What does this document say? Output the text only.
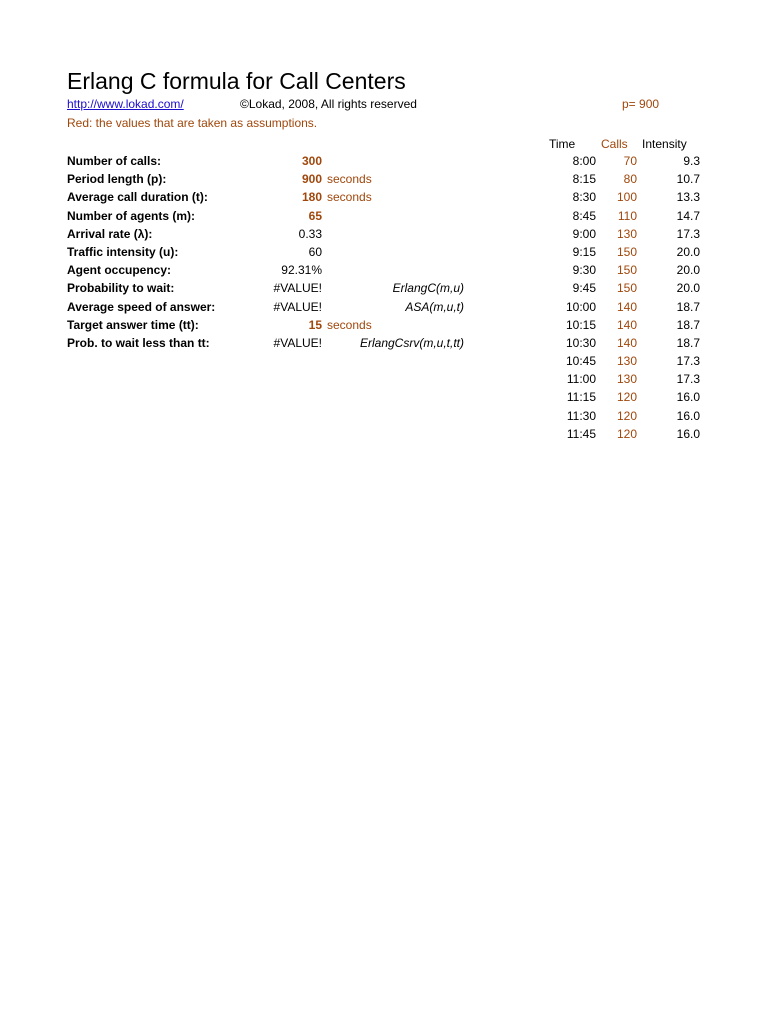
Erlang C formula for Call Centers
http://www.lokad.com/	©Lokad, 2008, All rights reserved	p= 900
Red: the values that are taken as assumptions.
Number of calls:	300
Period length (p):	900 seconds
Average call duration (t):	180 seconds
Number of agents (m):	65
Arrival rate (λ):	0.33
Traffic intensity (u):	60
Agent occupency:	92.31%
Probability to wait:	#VALUE!	ErlangC(m,u)
Average speed of answer:	#VALUE!	ASA(m,u,t)
Target answer time (tt):	15 seconds
Prob. to wait less than tt:	#VALUE!	ErlangCsrv(m,u,t,tt)
Time Calls Intensity
8:00 70	9.3
8:15 80	10.7
8:30 100	13.3
8:45 110	14.7
9:00 130	17.3
9:15 150	20.0
9:30 150	20.0
9:45 150	20.0
10:00 140	18.7
10:15 140	18.7
10:30 140	18.7
10:45 130	17.3
11:00 130	17.3
11:15 120	16.0
11:30 120	16.0
11:45 120	16.0
